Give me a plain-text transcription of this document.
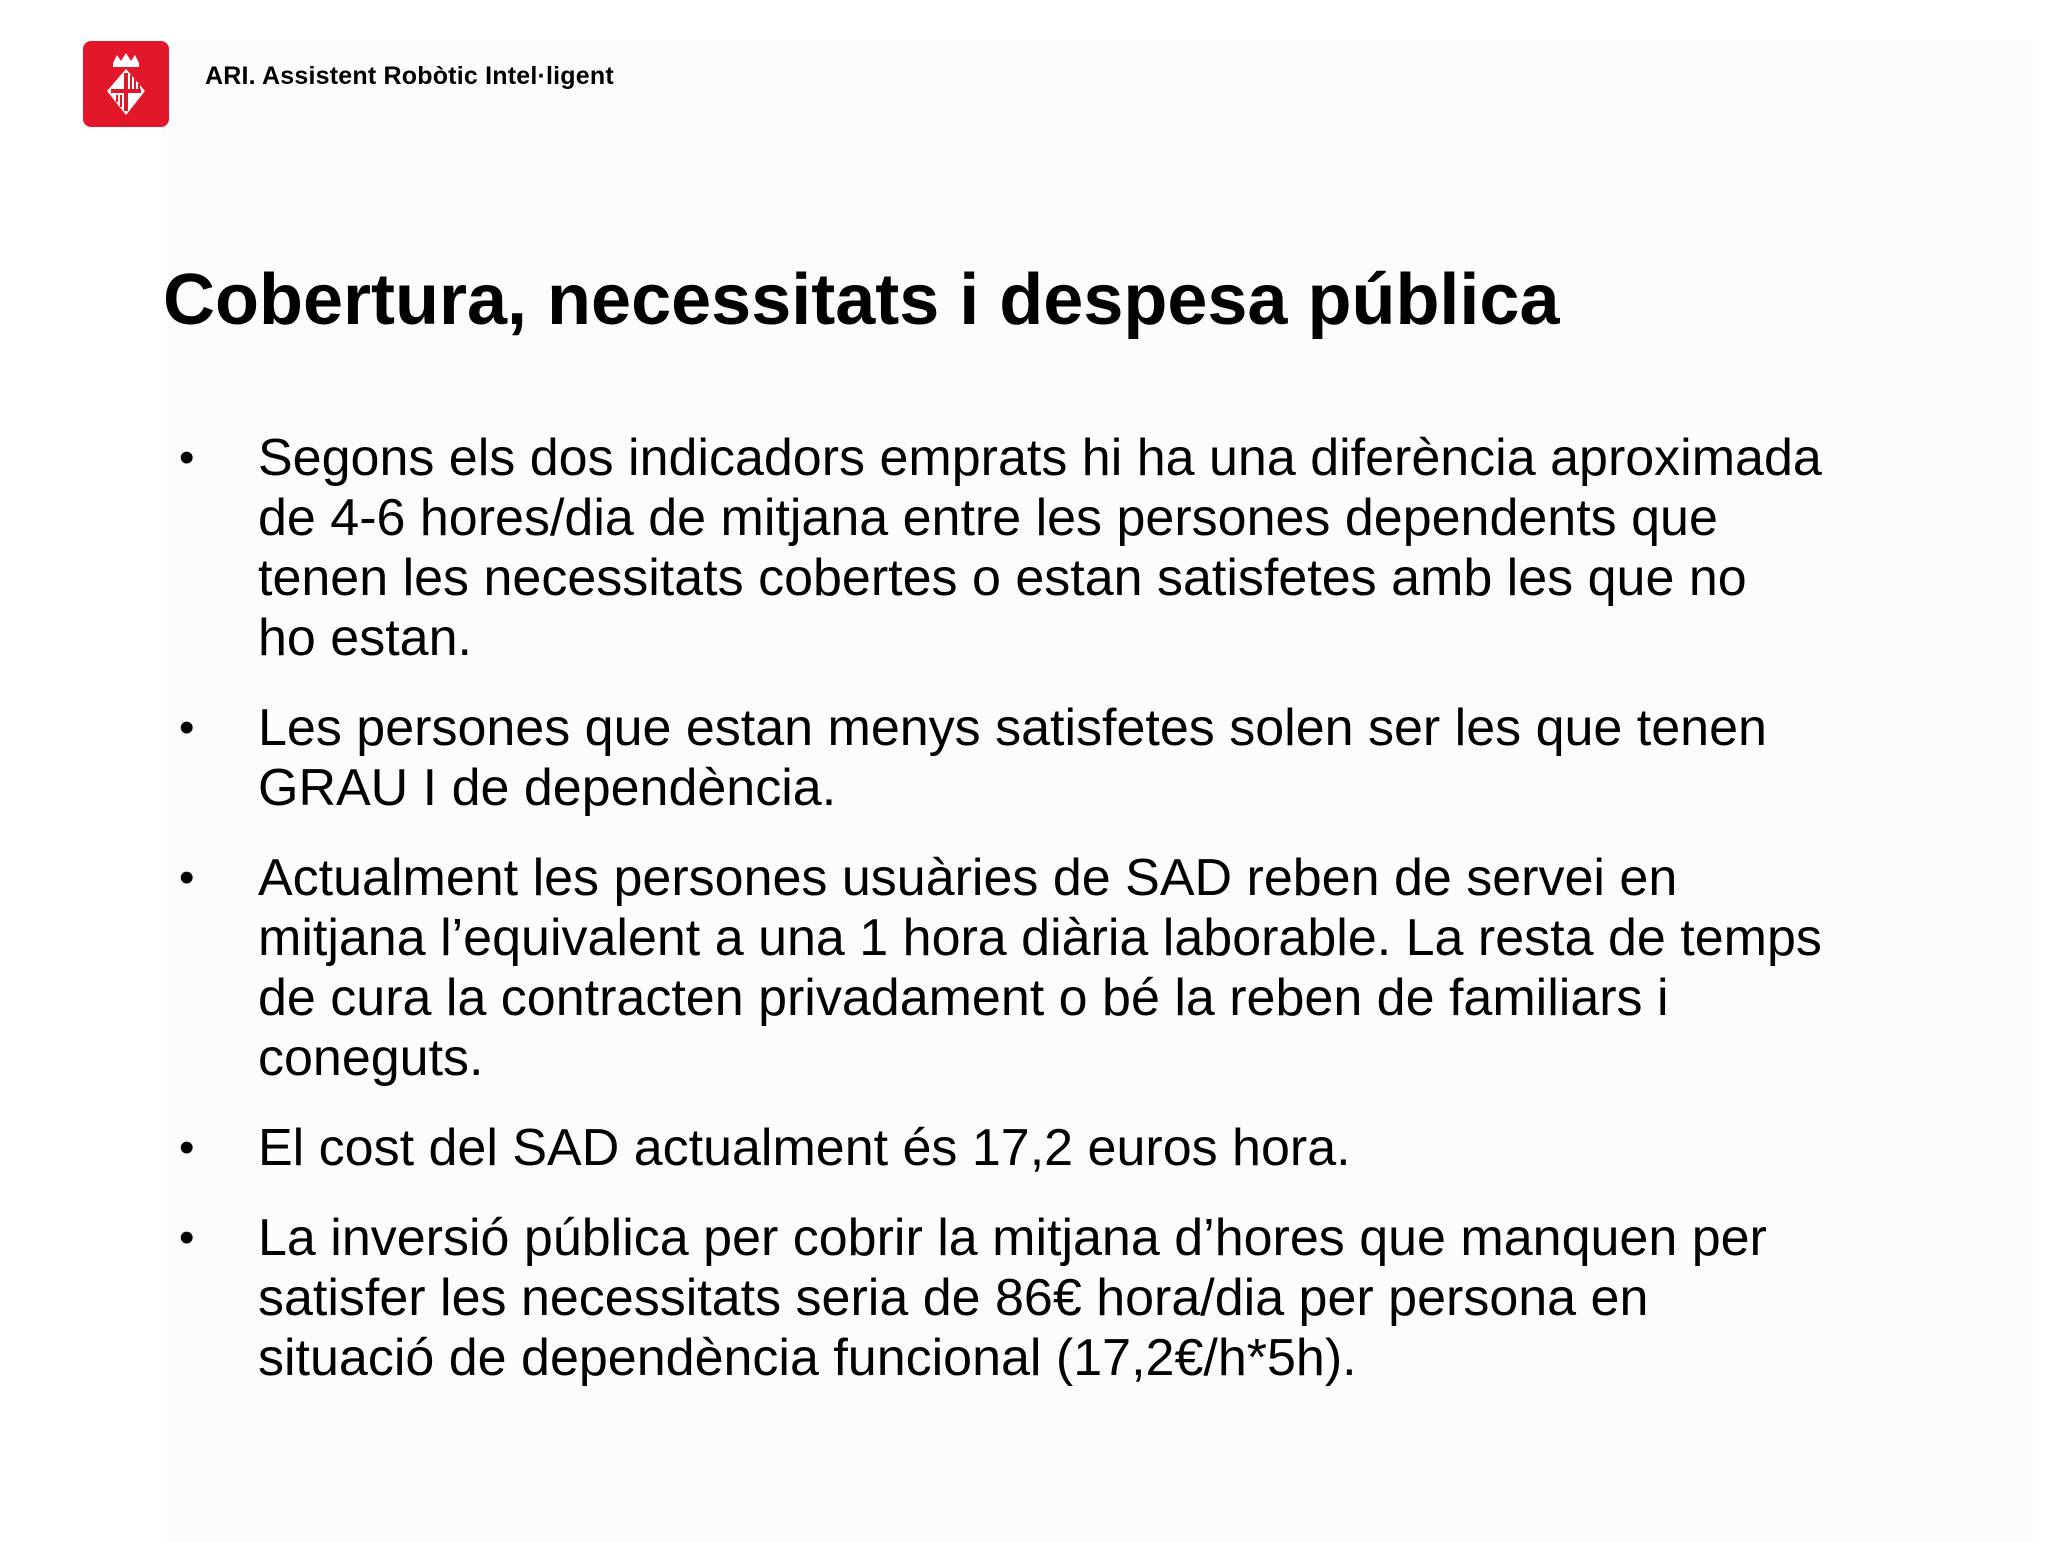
ARI. Assistent Robòtic Intel·ligent
Cobertura, necessitats i despesa pública
• Segons els dos indicadors emprats hi ha una diferència aproximada
de 4-6 hores/dia de mitjana entre les persones dependents que
tenen les necessitats cobertes o estan satisfetes amb les que no
ho estan.
• Les persones que estan menys satisfetes solen ser les que tenen
GRAU I de dependència.
• Actualment les persones usuàries de SAD reben de servei en
mitjana l’equivalent a una 1 hora diària laborable. La resta de temps
de cura la contracten privadament o bé la reben de familiars i
coneguts.
• El cost del SAD actualment és 17,2 euros hora.
• La inversió pública per cobrir la mitjana d’hores que manquen per
satisfer les necessitats seria de 86€ hora/dia per persona en
situació de dependència funcional (17,2€/h*5h).
